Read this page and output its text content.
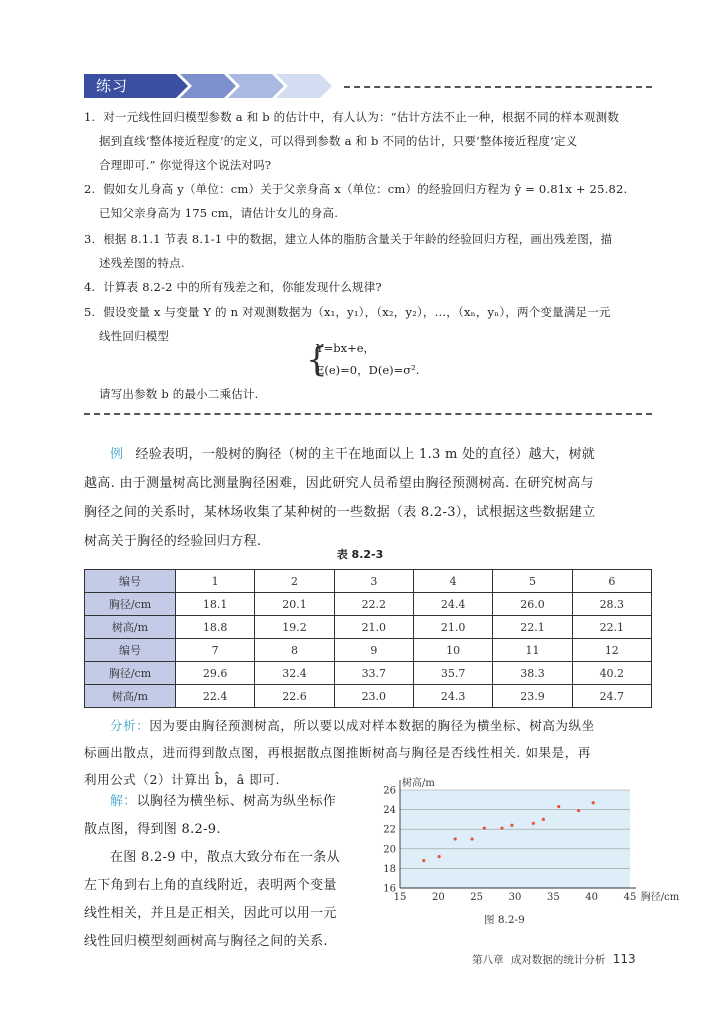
练习
1. 对一元线性回归模型参数 a 和 b 的估计中，有人认为：“估计方法不止一种，根据不同的样本观测数
据到直线‘整体接近程度’的定义，可以得到参数 a 和 b 不同的估计，只要‘整体接近程度’定义
合理即可.” 你觉得这个说法对吗?
2. 假如女儿身高 y（单位：cm）关于父亲身高 x（单位：cm）的经验回归方程为 ŷ = 0.81x + 25.82.
已知父亲身高为 175 cm，请估计女儿的身高.
3. 根据 8.1.1 节表 8.1-1 中的数据，建立人体的脂肪含量关于年龄的经验回归方程，画出残差图，描
述残差图的特点.
4. 计算表 8.2-2 中的所有残差之和，你能发现什么规律?
5. 假设变量 x 与变量 Y 的 n 对观测数据为（x₁，y₁），（x₂，y₂），…，（xₙ，yₙ），两个变量满足一元
线性回归模型
{
Y=bx+e，
E(e)=0，D(e)=σ².
请写出参数 b 的最小二乘估计.
例 经验表明，一般树的胸径（树的主干在地面以上 1.3 m 处的直径）越大，树就
越高. 由于测量树高比测量胸径困难，因此研究人员希望由胸径预测树高. 在研究树高与
胸径之间的关系时，某林场收集了某种树的一些数据（表 8.2-3），试根据这些数据建立
树高关于胸径的经验回归方程.
表 8.2-3
编号	1	2	3	4	5	6
胸径/cm	18.1	20.1	22.2	24.4	26.0	28.3
树高/m	18.8	19.2	21.0	21.0	22.1	22.1
编号	7	8	9	10	11	12
胸径/cm	29.6	32.4	33.7	35.7	38.3	40.2
树高/m	22.4	22.6	23.0	24.3	23.9	24.7
分析：因为要由胸径预测树高，所以要以成对样本数据的胸径为横坐标、树高为纵坐
标画出散点，进而得到散点图，再根据散点图推断树高与胸径是否线性相关. 如果是，再
利用公式（2）计算出 b̂，â 即可.
解：以胸径为横坐标、树高为纵坐标作
散点图，得到图 8.2-9.
在图 8.2-9 中，散点大致分布在一条从
左下角到右上角的直线附近，表明两个变量
线性相关，并且是正相关，因此可以用一元
线性回归模型刻画树高与胸径之间的关系.
16
18
20
22
24
26
15	20	25	30	35	40	45
树高/m
胸径/cm
图 8.2-9
第八章 成对数据的统计分析 113
